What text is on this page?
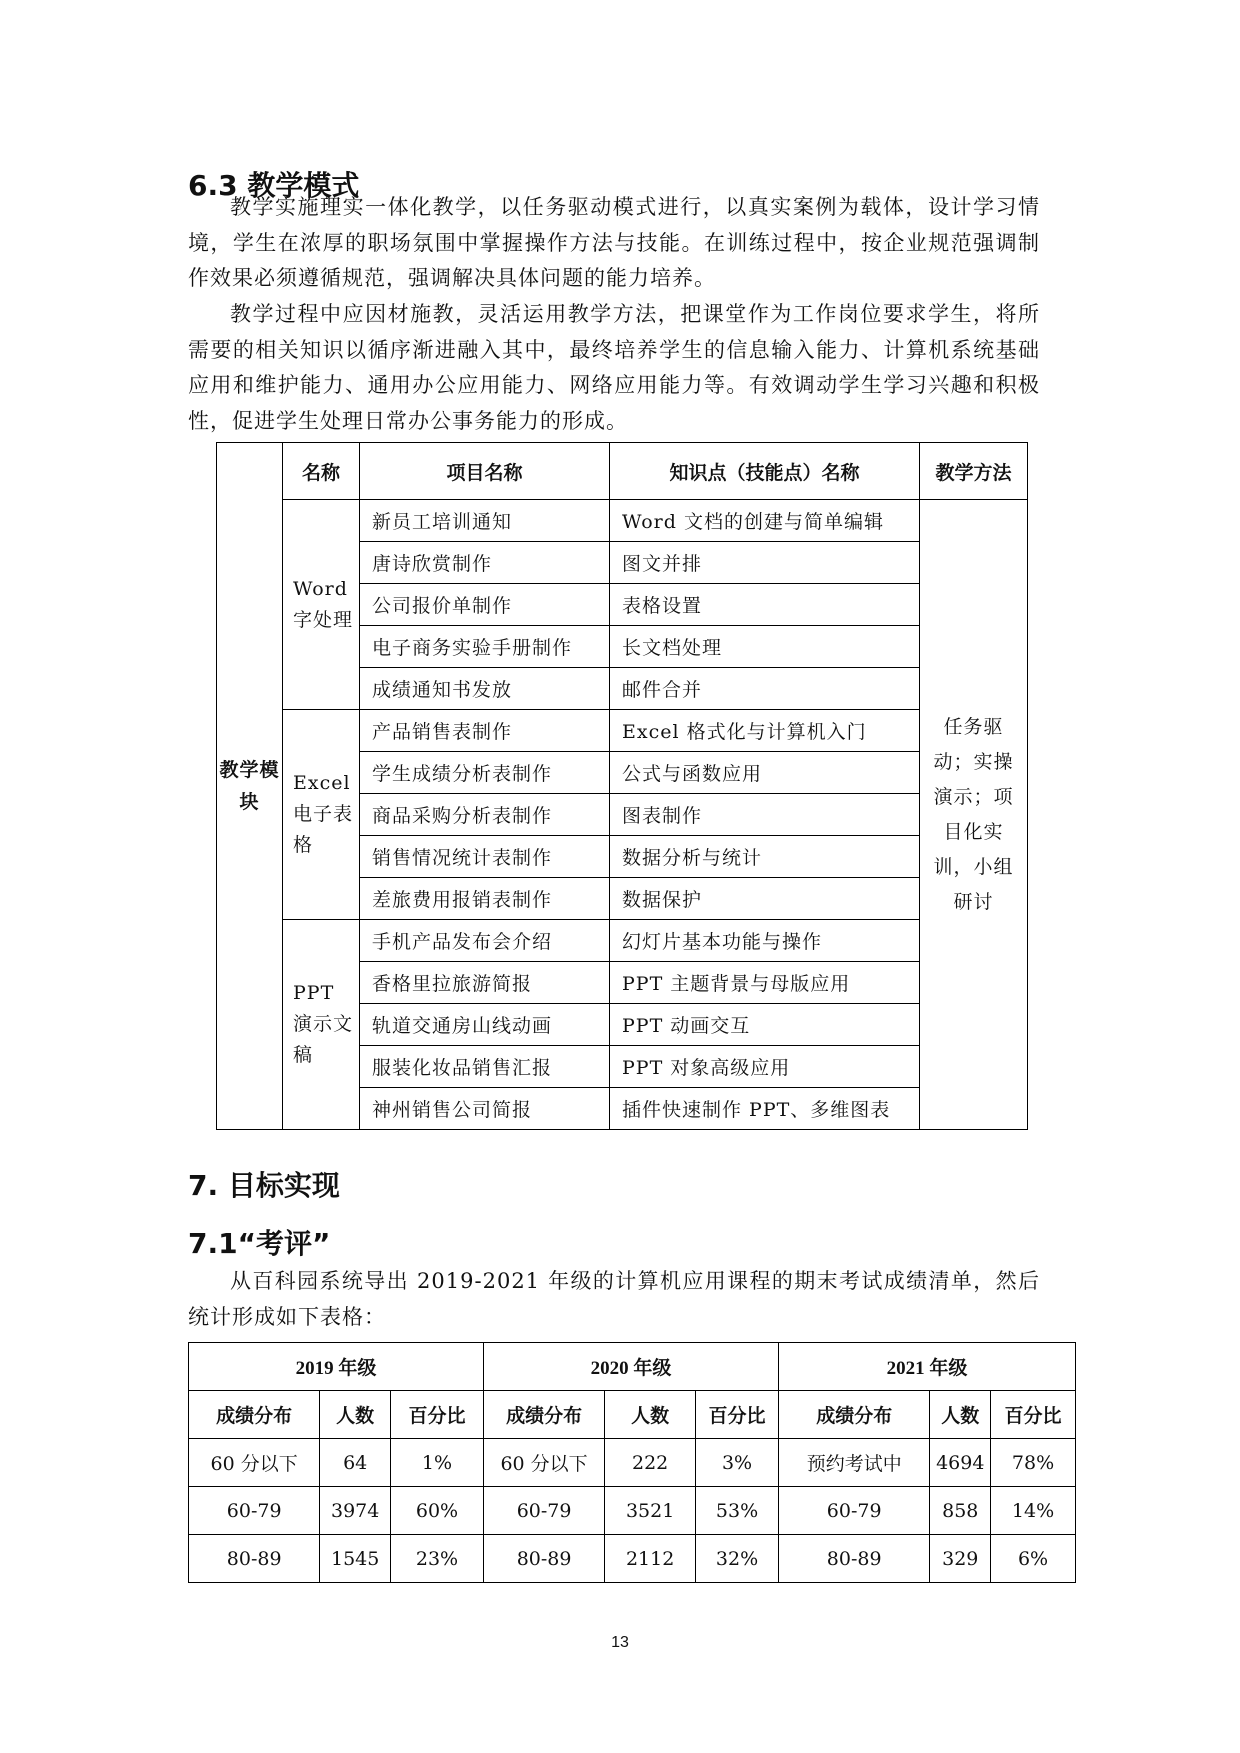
6.3 教学模式

教学实施理实一体化教学，以任务驱动模式进行，以真实案例为载体，设计学习情境，学生在浓厚的职场氛围中掌握操作方法与技能。在训练过程中，按企业规范强调制作效果必须遵循规范，强调解决具体问题的能力培养。

教学过程中应因材施教，灵活运用教学方法，把课堂作为工作岗位要求学生，将所需要的相关知识以循序渐进融入其中，最终培养学生的信息输入能力、计算机系统基础应用和维护能力、通用办公应用能力、网络应用能力等。有效调动学生学习兴趣和积极性，促进学生处理日常办公事务能力的形成。

教学模块	名称	项目名称	知识点（技能点）名称	教学方法
	Word 字处理	新员工培训通知	Word 文档的创建与简单编辑	任务驱动；实操 演示；项目化实训，小组研讨
		唐诗欣赏制作	图文并排	
		公司报价单制作	表格设置	
		电子商务实验手册制作	长文档处理	
		成绩通知书发放	邮件合并	
	Excel 电子表格	产品销售表制作	Excel 格式化与计算机入门	
		学生成绩分析表制作	公式与函数应用	
		商品采购分析表制作	图表制作	
		销售情况统计表制作	数据分析与统计	
		差旅费用报销表制作	数据保护	
	PPT 演示文稿	手机产品发布会介绍	幻灯片基本功能与操作	
		香格里拉旅游简报	PPT 主题背景与母版应用	
		轨道交通房山线动画	PPT 动画交互	
		服装化妆品销售汇报	PPT 对象高级应用	
		神州销售公司简报	插件快速制作 PPT、多维图表	
7. 目标实现
7.1“考评”

从百科园系统导出 2019-2021 年级的计算机应用课程的期末考试成绩清单，然后统计形成如下表格：

2019 年级			2020 年级			2021 年级		
成绩分布	人数	百分比	成绩分布	人数	百分比	成绩分布	人数	百分比
60 分以下	64	1%	60 分以下	222	3%	预约考试中	4694	78%
60-79	3974	60%	60-79	3521	53%	60-79	858	14%
80-89	1545	23%	80-89	2112	32%	80-89	329	6%
13
